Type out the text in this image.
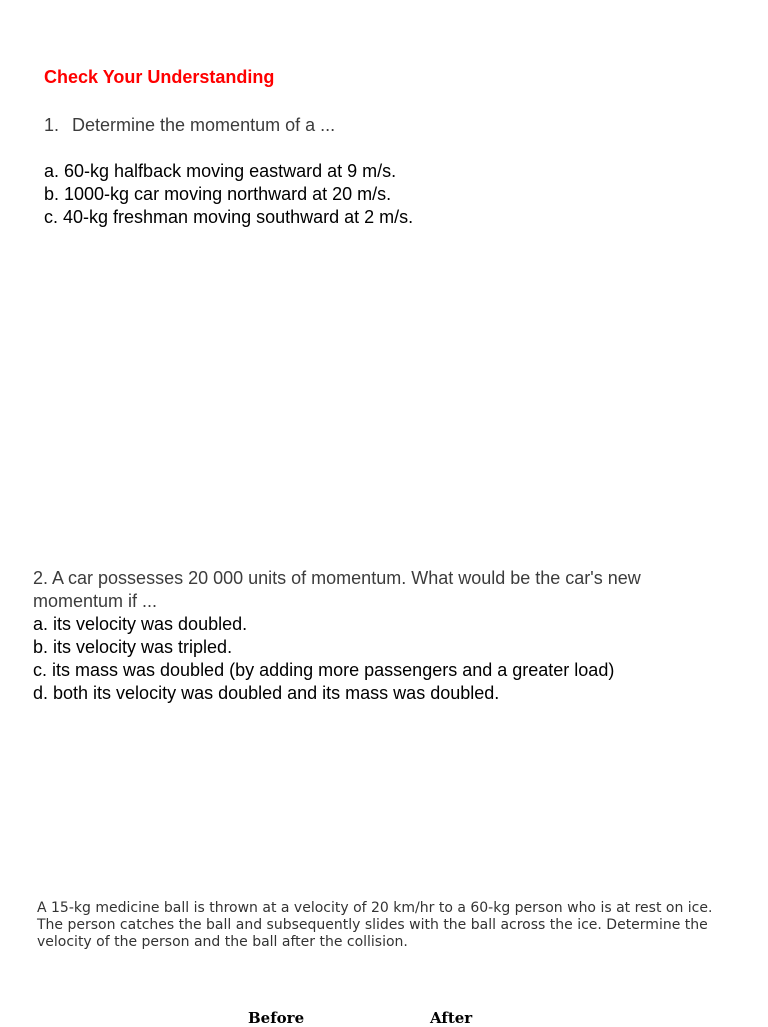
Check Your Understanding
1. Determine the momentum of a ...
a. 60-kg halfback moving eastward at 9 m/s.
b. 1000-kg car moving northward at 20 m/s.
c. 40-kg freshman moving southward at 2 m/s.
2. A car possesses 20 000 units of momentum. What would be the car's new momentum if ...
a. its velocity was doubled.
b. its velocity was tripled.
c. its mass was doubled (by adding more passengers and a greater load)
d. both its velocity was doubled and its mass was doubled.
A 15-kg medicine ball is thrown at a velocity of 20 km/hr to a 60-kg person who is at rest on ice. The person catches the ball and subsequently slides with the ball across the ice. Determine the velocity of the person and the ball after the collision.
Before	After
